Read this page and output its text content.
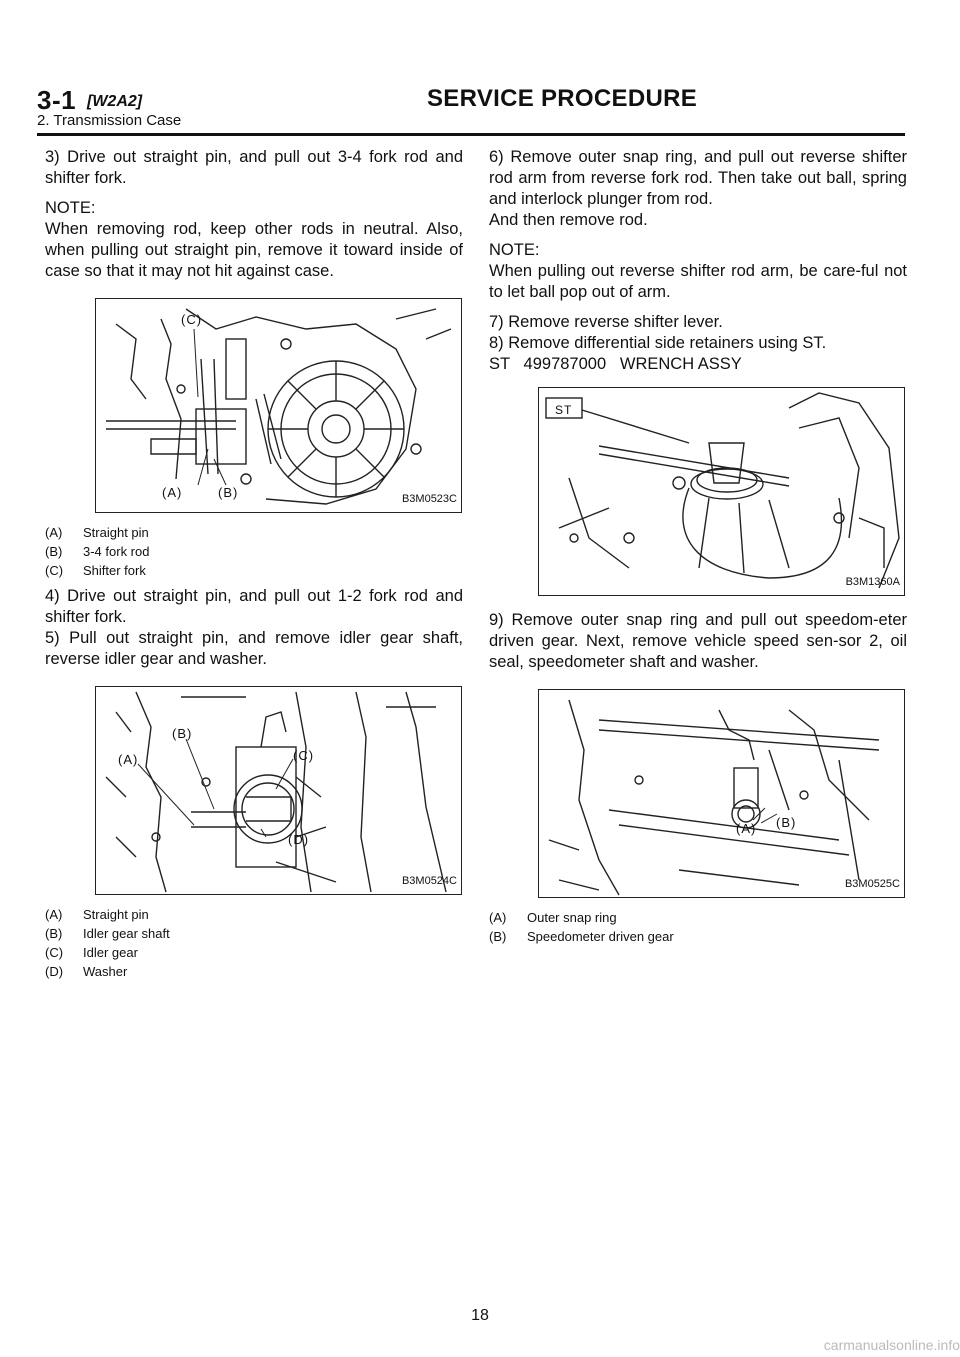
3-1 [W2A2]	SERVICE PROCEDURE
2. Transmission Case

3) Drive out straight pin, and pull out 3-4 fork rod and shifter fork.

NOTE:

When removing rod, keep other rods in neutral. Also, when pulling out straight pin, remove it toward inside of case so that it may not hit against case.

(C)
(A)	(B)	B3M0523C
(A)	Straight pin
(B)	3-4 fork rod
(C)	Shifter fork

4) Drive out straight pin, and pull out 1-2 fork rod and shifter fork.

5) Pull out straight pin, and remove idler gear shaft, reverse idler gear and washer.

(A)
(B)
(C)
(D)
B3M0524C
(A)	Straight pin
(B)	Idler gear shaft
(C)	Idler gear
(D)	Washer

6) Remove outer snap ring, and pull out reverse shifter rod arm from reverse fork rod. Then take out ball, spring and interlock plunger from rod.

And then remove rod.

NOTE:

When pulling out reverse shifter rod arm, be care-ful not to let ball pop out of arm.

7) Remove reverse shifter lever.

8) Remove differential side retainers using ST.

ST   499787000   WRENCH ASSY

ST
B3M1360A

9) Remove outer snap ring and pull out speedom-eter driven gear. Next, remove vehicle speed sen-sor 2, oil seal, speedometer shaft and washer.

(A) (B)
B3M0525C
(A)	Outer snap ring
(B)	Speedometer driven gear
18
carmanualsonline.info
